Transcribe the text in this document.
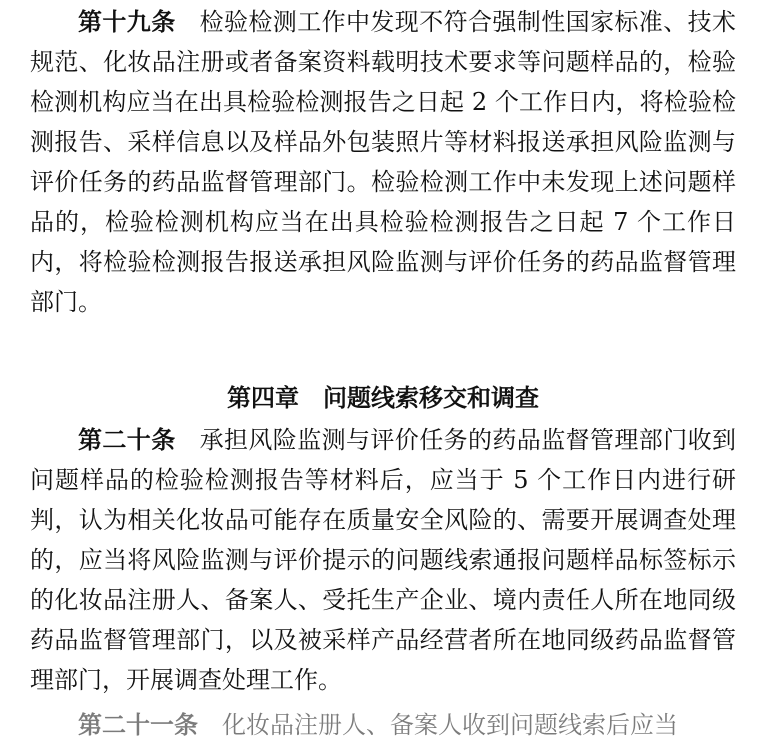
第十九条 检验检测工作中发现不符合强制性国家标准、技术规范、化妆品注册或者备案资料载明技术要求等问题样品的，检验检测机构应当在出具检验检测报告之日起 2 个工作日内，将检验检测报告、采样信息以及样品外包装照片等材料报送承担风险监测与评价任务的药品监督管理部门。检验检测工作中未发现上述问题样品的，检验检测机构应当在出具检验检测报告之日起 7 个工作日内，将检验检测报告报送承担风险监测与评价任务的药品监督管理部门。

第四章 问题线索移交和调查

第二十条 承担风险监测与评价任务的药品监督管理部门收到问题样品的检验检测报告等材料后，应当于 5 个工作日内进行研判，认为相关化妆品可能存在质量安全风险的、需要开展调查处理的，应当将风险监测与评价提示的问题线索通报问题样品标签标示的化妆品注册人、备案人、受托生产企业、境内责任人所在地同级药品监督管理部门，以及被采样产品经营者所在地同级药品监督管理部门，开展调查处理工作。

第二十一条 化妆品注册人、备案人收到问题线索后应当
